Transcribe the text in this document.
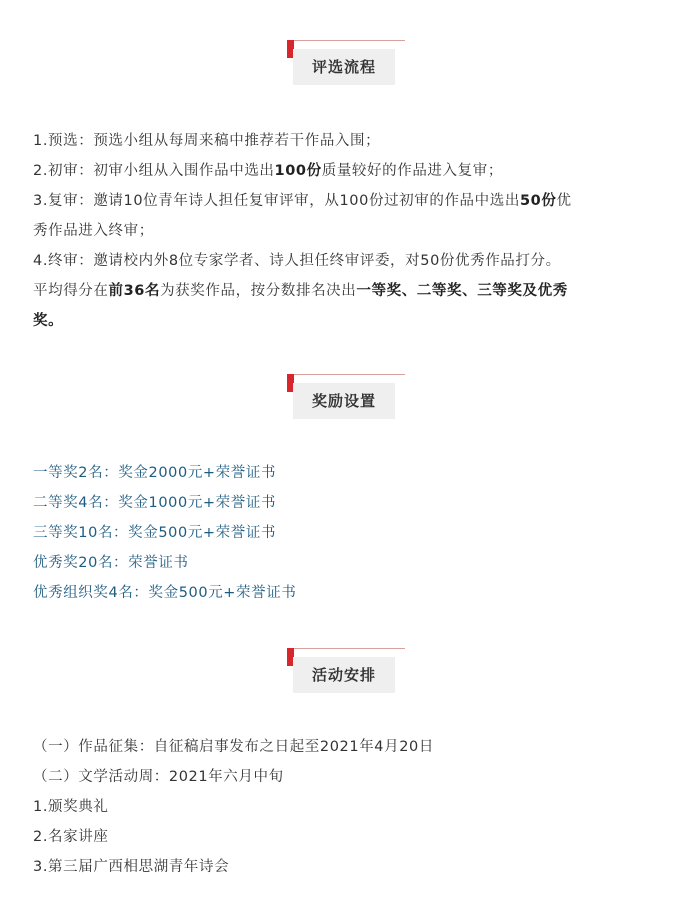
评选流程
1.预选：预选小组从每周来稿中推荐若干作品入围；
2.初审：初审小组从入围作品中选出100份质量较好的作品进入复审；
3.复审：邀请10位青年诗人担任复审评审，从100份过初审的作品中选出50份优
秀作品进入终审；
4.终审：邀请校内外8位专家学者、诗人担任终审评委，对50份优秀作品打分。
平均得分在前36名为获奖作品，按分数排名决出一等奖、二等奖、三等奖及优秀
奖。
奖励设置
一等奖2名：奖金2000元+荣誉证书
二等奖4名：奖金1000元+荣誉证书
三等奖10名：奖金500元+荣誉证书
优秀奖20名：荣誉证书
优秀组织奖4名：奖金500元+荣誉证书
活动安排
（一）作品征集：自征稿启事发布之日起至2021年4月20日
（二）文学活动周：2021年六月中旬
1.颁奖典礼
2.名家讲座
3.第三届广西相思湖青年诗会
